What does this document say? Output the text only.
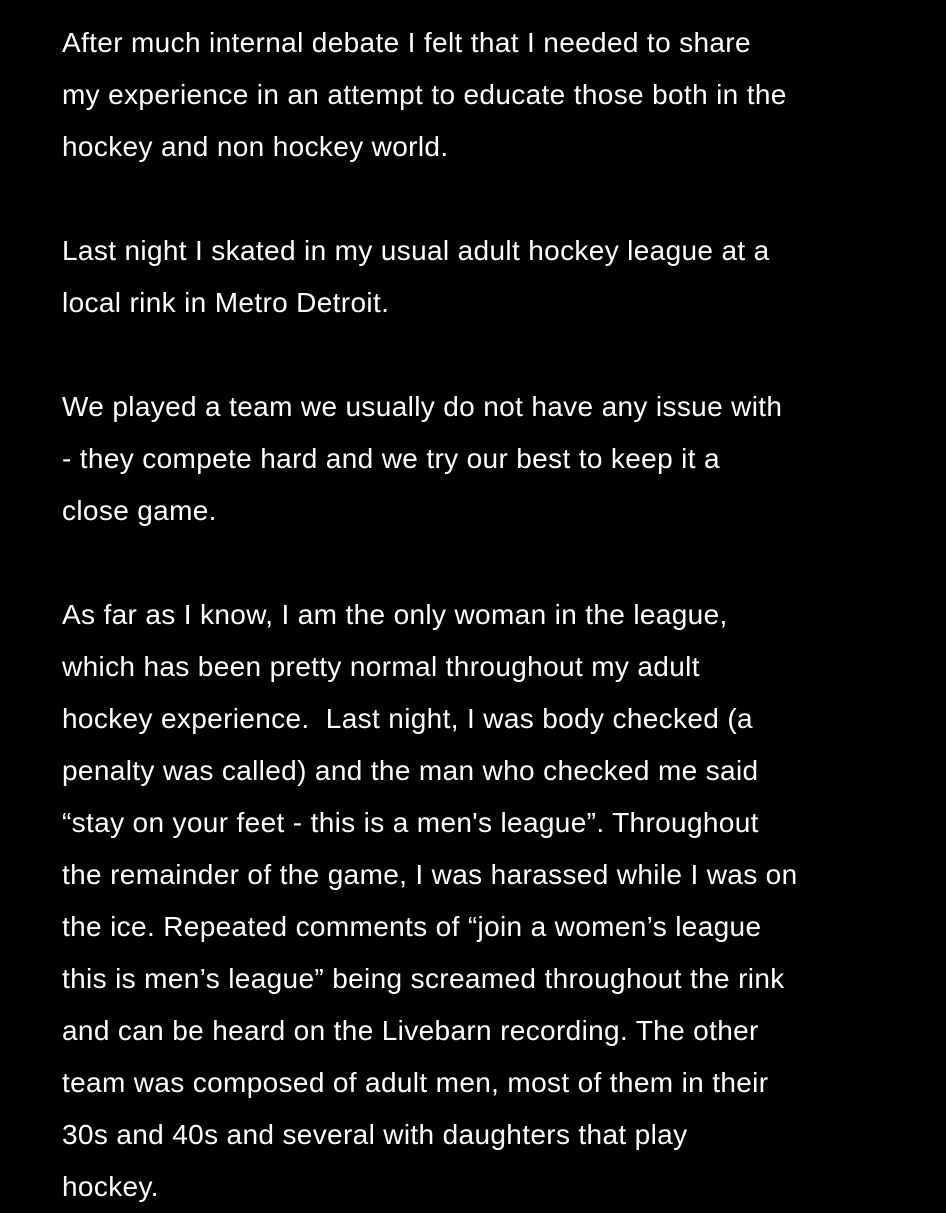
After much internal debate I felt that I needed to share
my experience in an attempt to educate those both in the
hockey and non hockey world.
Last night I skated in my usual adult hockey league at a
local rink in Metro Detroit.
We played a team we usually do not have any issue with
- they compete hard and we try our best to keep it a
close game.
As far as I know, I am the only woman in the league,
which has been pretty normal throughout my adult
hockey experience.  Last night, I was body checked (a
penalty was called) and the man who checked me said
“stay on your feet - this is a men's league”. Throughout
the remainder of the game, I was harassed while I was on
the ice. Repeated comments of “join a women’s league
this is men’s league” being screamed throughout the rink
and can be heard on the Livebarn recording. The other
team was composed of adult men, most of them in their
30s and 40s and several with daughters that play
hockey.
